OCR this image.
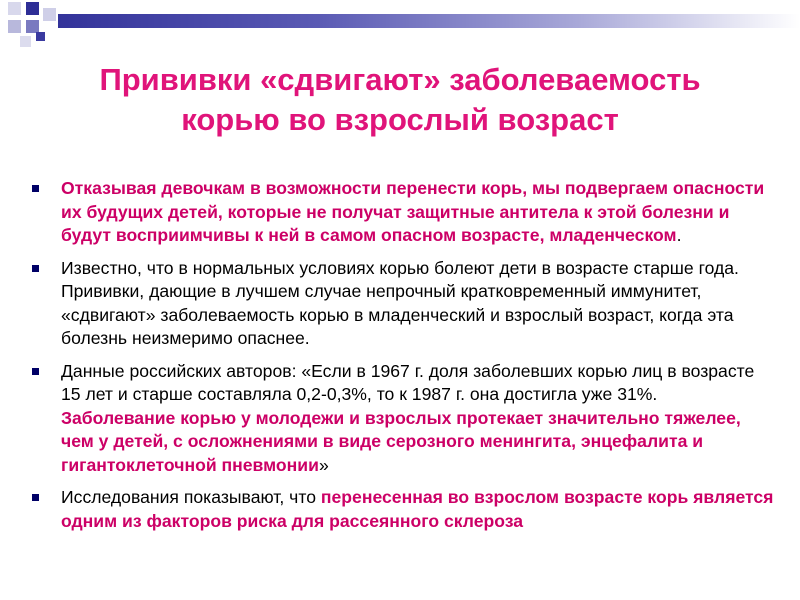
Прививки «сдвигают» заболеваемость
корью во взрослый возраст
Отказывая девочкам в возможности перенести корь, мы подвергаем опасности их будущих детей, которые не получат защитные антитела к этой болезни и будут восприимчивы к ней в самом опасном возрасте, младенческом.
Известно, что в нормальных условиях корью болеют дети в возрасте старше года. Прививки, дающие в лучшем случае непрочный кратковременный иммунитет, «сдвигают» заболеваемость корью в младенческий и взрослый возраст, когда эта болезнь неизмеримо опаснее.
Данные российских авторов: «Если в 1967 г. доля заболевших корью лиц в возрасте 15 лет и старше составляла 0,2-0,3%, то к 1987 г. она достигла уже 31%. Заболевание корью у молодежи и взрослых протекает значительно тяжелее, чем у детей, с осложнениями в виде серозного менингита, энцефалита и гигантоклеточной пневмонии»
Исследования показывают, что перенесенная во взрослом возрасте корь является одним из факторов риска для рассеянного склероза
